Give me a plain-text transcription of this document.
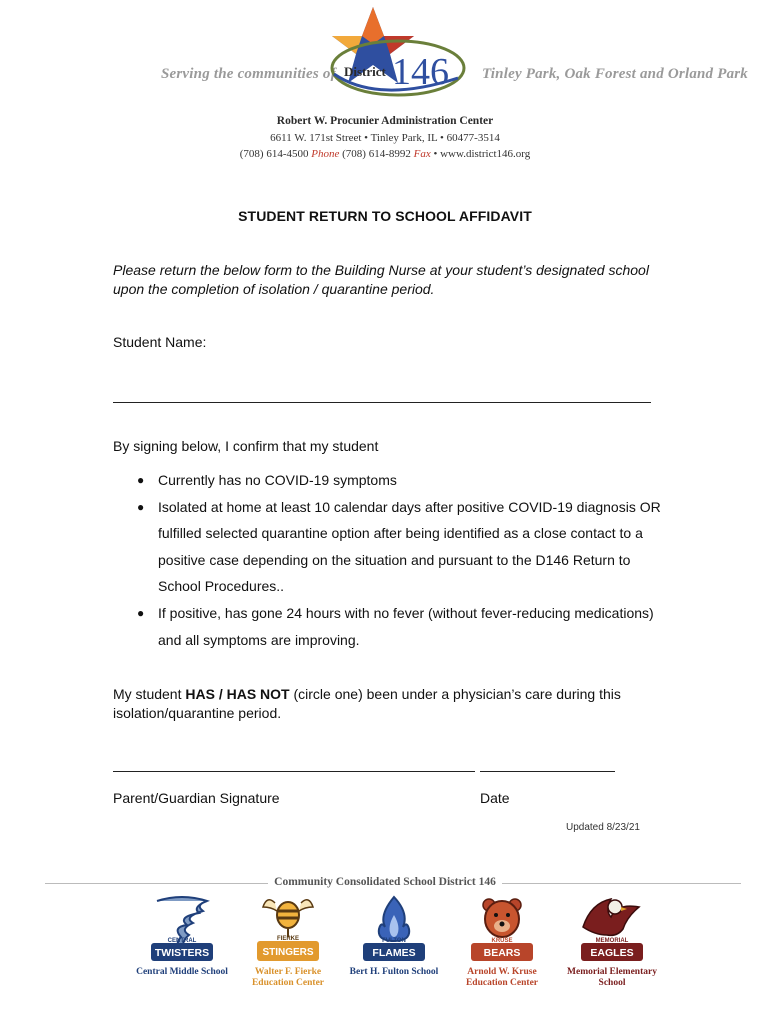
Serving the communities of	Tinley Park, Oak Forest and Orland Park
District 146
Robert W. Procunier Administration Center
6611 W. 171st Street • Tinley Park, IL • 60477-3514
(708) 614-4500 Phone (708) 614-8992 Fax • www.district146.org
STUDENT RETURN TO SCHOOL AFFIDAVIT
Please return the below form to the Building Nurse at your student’s designated school upon the completion of isolation / quarantine period.
Student Name:
By signing below, I confirm that my student
● Currently has no COVID-19 symptoms
● Isolated at home at least 10 calendar days after positive COVID-19 diagnosis OR fulfilled selected quarantine option after being identified as a close contact to a positive case depending on the situation and pursuant to the D146 Return to School Procedures..
● If positive, has gone 24 hours with no fever (without fever-reducing medications) and all symptoms are improving.
My student HAS / HAS NOT (circle one) been under a physician’s care during this isolation/quarantine period.
Parent/Guardian Signature	Date
Updated 8/23/21
Community Consolidated School District 146
CENTRAL
TWISTERS
Central Middle School
FIERKE
STINGERS
Walter F. Fierke Education Center
FULTON
FLAMES
Bert H. Fulton School
KRUSE
BEARS
Arnold W. Kruse Education Center
MEMORIAL
EAGLES
Memorial Elementary School
